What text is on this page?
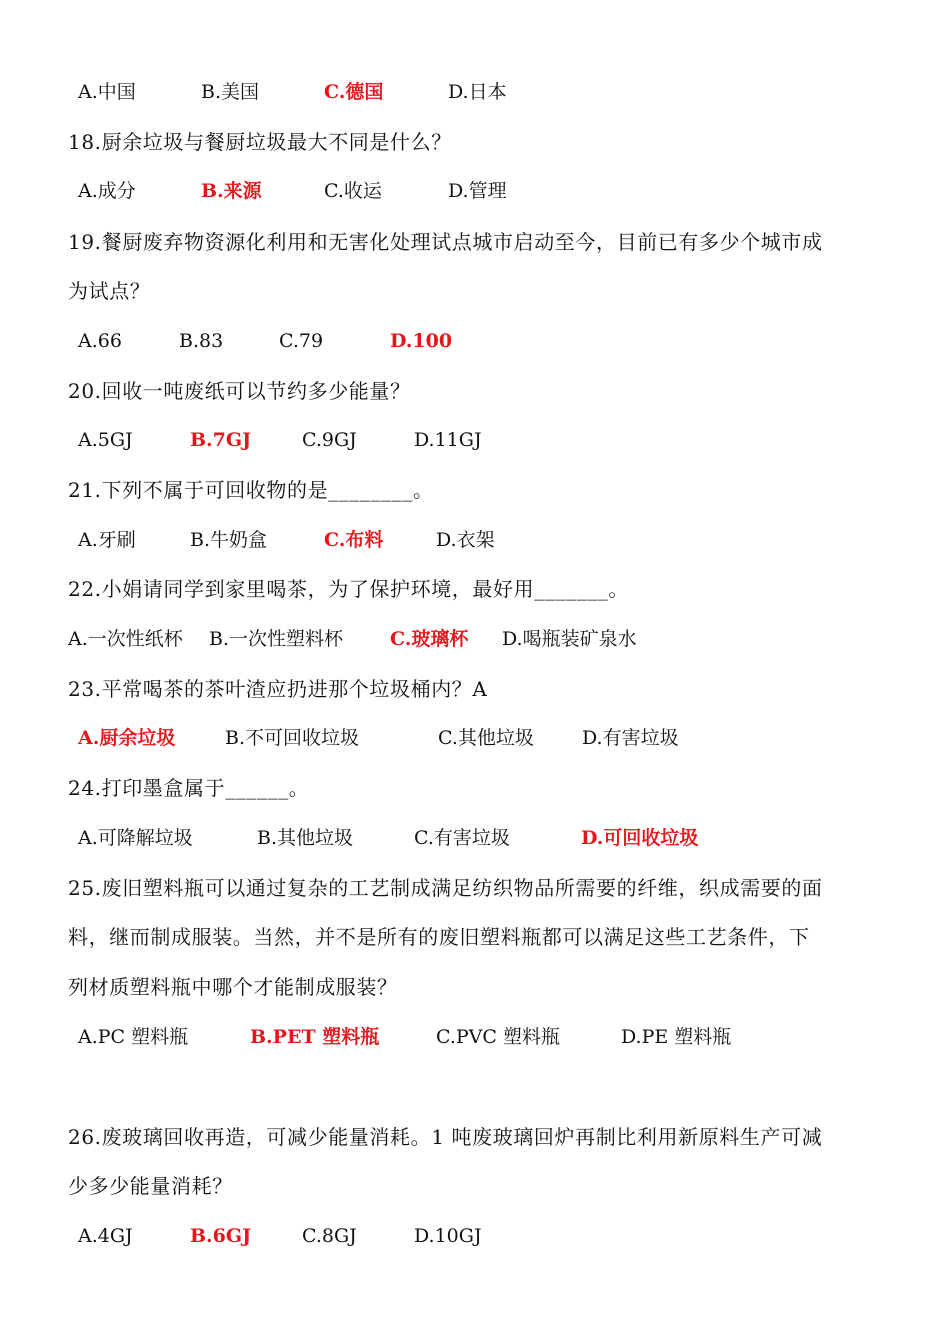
A.中国	B.美国	C.德国	D.日本
18.厨余垃圾与餐厨垃圾最大不同是什么？
A.成分	B.来源	C.收运	D.管理
19.餐厨废弃物资源化利用和无害化处理试点城市启动至今，目前已有多少个城市成
为试点？
A.66	B.83	C.79	D.100
20.回收一吨废纸可以节约多少能量？
A.5GJ	B.7GJ	C.9GJ	D.11GJ
21.下列不属于可回收物的是________。
A.牙刷	B.牛奶盒	C.布料	D.衣架
22.小娟请同学到家里喝茶，为了保护环境，最好用_______。
A.一次性纸杯 B.一次性塑料杯 C.玻璃杯 D.喝瓶装矿泉水
23.平常喝茶的茶叶渣应扔进那个垃圾桶内？A
A.厨余垃圾	B.不可回收垃圾	C.其他垃圾	D.有害垃圾
24.打印墨盒属于______。
A.可降解垃圾	B.其他垃圾	C.有害垃圾	D.可回收垃圾
25.废旧塑料瓶可以通过复杂的工艺制成满足纺织物品所需要的纤维，织成需要的面
料，继而制成服装。当然，并不是所有的废旧塑料瓶都可以满足这些工艺条件，下
列材质塑料瓶中哪个才能制成服装？
A.PC 塑料瓶	B.PET 塑料瓶	C.PVC 塑料瓶	D.PE 塑料瓶
26.废玻璃回收再造，可减少能量消耗。1 吨废玻璃回炉再制比利用新原料生产可减
少多少能量消耗？
A.4GJ	B.6GJ	C.8GJ	D.10GJ
